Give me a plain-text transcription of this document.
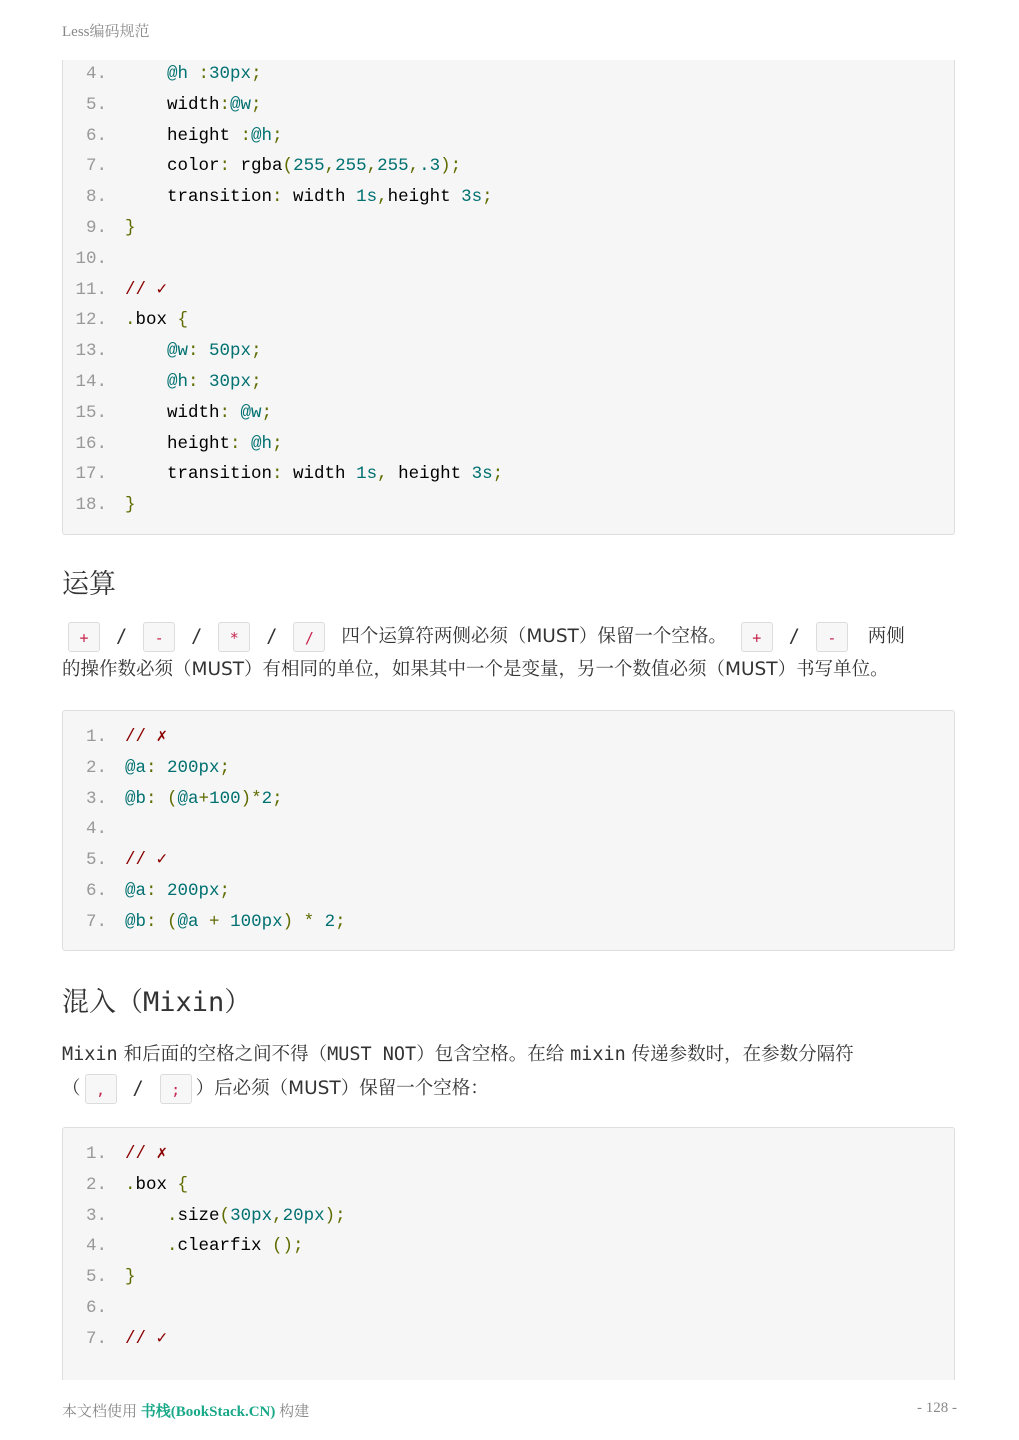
Less编码规范
4.	@h :30px;
5. width:@w;
6. height :@h;
7. color: rgba(255,255,255,.3);
8. transition: width 1s,height 3s;
9. }
10.
11. // ✓
12. .box {
13.	@w: 50px;
14.	@h: 30px;
15. width: @w;
16. height: @h;
17. transition: width 1s, height 3s;
18. }
运算
+ / - / * / / 四个运算符两侧必须（MUST）保留一个空格。 + / - 两侧
的操作数必须（MUST）有相同的单位，如果其中一个是变量，另一个数值必须（MUST）书写单位。
1. // ✗
2. @a: 200px;
3. @b: (@a+100)*2;
4.
5. // ✓
6. @a: 200px;
7. @b: (@a + 100px) * 2;
混入（Mixin）
Mixin 和后面的空格之间不得（MUST NOT）包含空格。在给 mixin 传递参数时，在参数分隔符
（ , / ; ）后必须（MUST）保留一个空格：
1. // ✗
2. .box {
3.	.size(30px,20px);
4.	.clearfix ();
5. }
6.
7. // ✓
本文档使用 书栈(BookStack.CN) 构建	- 128 -
